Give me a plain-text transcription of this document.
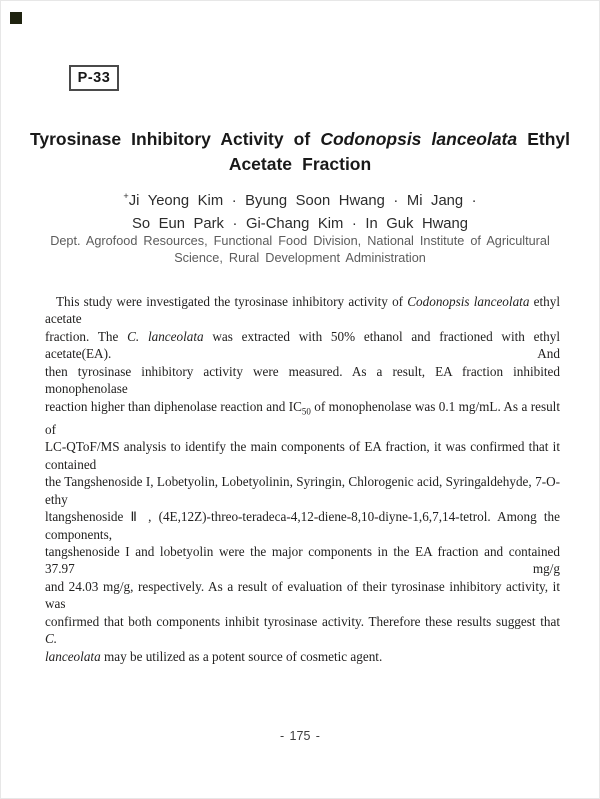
P-33
Tyrosinase Inhibitory Activity of Codonopsis lanceolata Ethyl
Acetate Fraction
+Ji Yeong Kim · Byung Soon Hwang · Mi Jang ·
So Eun Park · Gi-Chang Kim · In Guk Hwang
Dept. Agrofood Resources, Functional Food Division, National Institute of Agricultural
Science, Rural Development Administration
This study were investigated the tyrosinase inhibitory activity of Codonopsis lanceolata ethyl acetate
fraction. The C. lanceolata was extracted with 50% ethanol and fractioned with ethyl acetate(EA). And
then tyrosinase inhibitory activity were measured. As a result, EA fraction inhibited monophenolase
reaction higher than diphenolase reaction and $IC_{50}$ of monophenolase was 0.1 mg/mL. As a result of
LC-QToF/MS analysis to identify the main components of EA fraction, it was confirmed that it contained
the Tangshenoside I, Lobetyolin, Lobetyolinin, Syringin, Chlorogenic acid, Syringaldehyde, 7-O-ethy
ltangshenoside Ⅱ , (4E,12Z)-threo-teradeca-4,12-diene-8,10-diyne-1,6,7,14-tetrol. Among the components,
tangshenoside I and lobetyolin were the major components in the EA fraction and contained 37.97 mg/g
and 24.03 mg/g, respectively. As a result of evaluation of their tyrosinase inhibitory activity, it was
confirmed that both components inhibit tyrosinase activity. Therefore these results suggest that C.
lanceolata may be utilized as a potent source of cosmetic agent.
- 175 -
